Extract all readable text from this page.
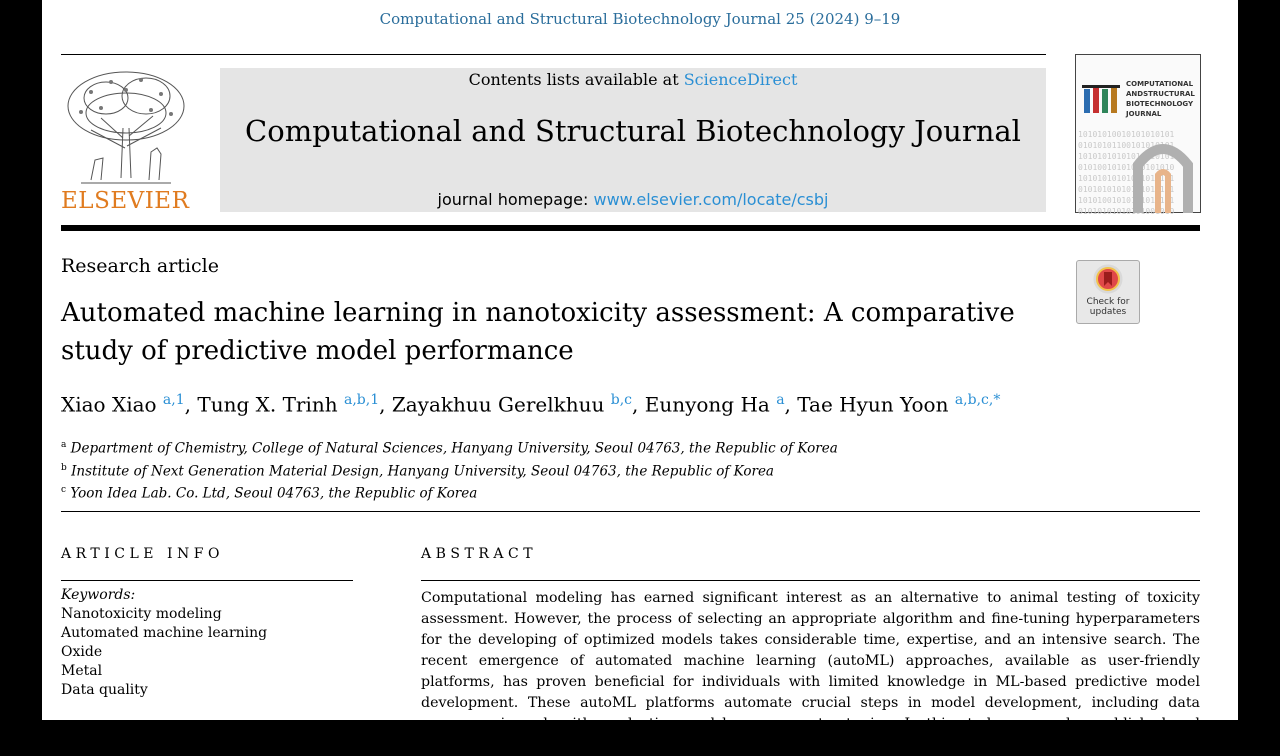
Computational and Structural Biotechnology Journal 25 (2024) 9–19
ELSEVIER
Contents lists available at ScienceDirect
Computational and Structural Biotechnology Journal
journal homepage: www.elsevier.com/locate/csbj
COMPUTATIONAL
ANDSTRUCTURAL
BIOTECHNOLOGY
JOURNAL
10101010010101010101
01010101100101010101
10101010101010010101
01010010101010101010
10101010101001010101
01010101010101010101
10101001010101010101
01010101010101001010
Research article
Automated machine learning in nanotoxicity assessment: A comparative study of predictive model performance
Check for updates
Xiao Xiao $^{a,1}$, Tung X. Trinh $^{a,b,1}$, Zayakhuu Gerelkhuu $^{b,c}$, Eunyong Ha $^a$, Tae Hyun Yoon $^{a,b,c,*}$
$^a$ Department of Chemistry, College of Natural Sciences, Hanyang University, Seoul 04763, the Republic of Korea
$^b$ Institute of Next Generation Material Design, Hanyang University, Seoul 04763, the Republic of Korea
$^c$ Yoon Idea Lab. Co. Ltd, Seoul 04763, the Republic of Korea
ARTICLE INFO
Keywords:
Nanotoxicity modeling
Automated machine learning
Oxide
Metal
Data quality
ABSTRACT
Computational modeling has earned significant interest as an alternative to animal testing of toxicity assessment. However, the process of selecting an appropriate algorithm and fine-tuning hyperparameters for the developing of optimized models takes considerable time, expertise, and an intensive search. The recent emergence of automated machine learning (autoML) approaches, available as user-friendly platforms, has proven beneficial for individuals with limited knowledge in ML-based predictive model development. These autoML platforms automate crucial steps in model development, including data preprocessing, algorithm selection, and hyperparameter tuning. In this study, we used unpublished and published available datasets for oxide and metal
